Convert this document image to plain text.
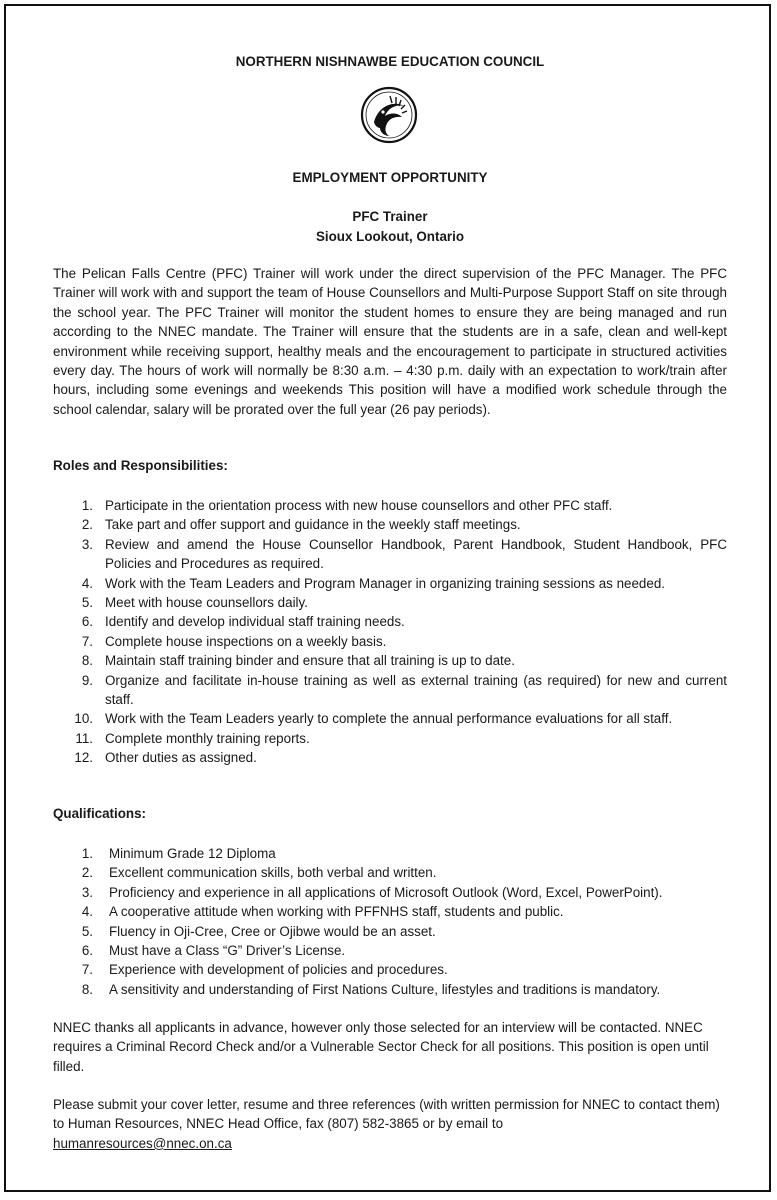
NORTHERN NISHNAWBE EDUCATION COUNCIL
EMPLOYMENT OPPORTUNITY
PFC Trainer
Sioux Lookout, Ontario

The Pelican Falls Centre (PFC) Trainer will work under the direct supervision of the PFC Manager. The PFC Trainer will work with and support the team of House Counsellors and Multi-Purpose Support Staff on site through the school year. The PFC Trainer will monitor the student homes to ensure they are being managed and run according to the NNEC mandate. The Trainer will ensure that the students are in a safe, clean and well-kept environment while receiving support, healthy meals and the encouragement to participate in structured activities every day. The hours of work will normally be 8:30 a.m. – 4:30 p.m. daily with an expectation to work/train after hours, including some evenings and weekends This position will have a modified work schedule through the school calendar, salary will be prorated over the full year (26 pay periods).

Roles and Responsibilities:

1. Participate in the orientation process with new house counsellors and other PFC staff.
2. Take part and offer support and guidance in the weekly staff meetings.
3. Review and amend the House Counsellor Handbook, Parent Handbook, Student Handbook, PFC Policies and Procedures as required.
4. Work with the Team Leaders and Program Manager in organizing training sessions as needed.
5. Meet with house counsellors daily.
6. Identify and develop individual staff training needs.
7. Complete house inspections on a weekly basis.
8. Maintain staff training binder and ensure that all training is up to date.
9. Organize and facilitate in-house training as well as external training (as required) for new and current staff.
10. Work with the Team Leaders yearly to complete the annual performance evaluations for all staff.
11. Complete monthly training reports.
12. Other duties as assigned.

Qualifications:

1. Minimum Grade 12 Diploma
2. Excellent communication skills, both verbal and written.
3. Proficiency and experience in all applications of Microsoft Outlook (Word, Excel, PowerPoint).
4. A cooperative attitude when working with PFFNHS staff, students and public.
5. Fluency in Oji-Cree, Cree or Ojibwe would be an asset.
6. Must have a Class “G” Driver’s License.
7. Experience with development of policies and procedures.
8. A sensitivity and understanding of First Nations Culture, lifestyles and traditions is mandatory.

NNEC thanks all applicants in advance, however only those selected for an interview will be contacted. NNEC requires a Criminal Record Check and/or a Vulnerable Sector Check for all positions. This position is open until filled.

Please submit your cover letter, resume and three references (with written permission for NNEC to contact them) to Human Resources, NNEC Head Office, fax (807) 582-3865 or by email to
humanresources@nnec.on.ca
